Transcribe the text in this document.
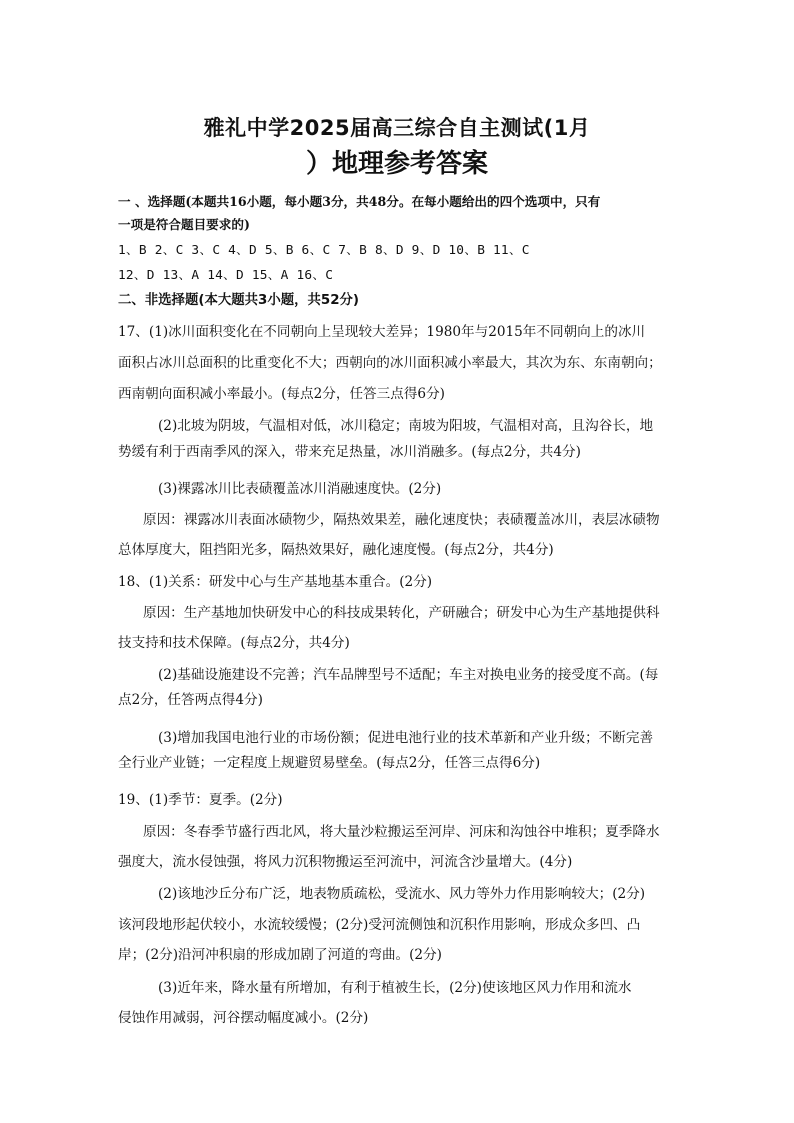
雅礼中学2025届高三综合自主测试(1月
）地理参考答案
一 、选择题(本题共16小题，每小题3分，共48分。在每小题给出的四个选项中，只有
一项是符合题目要求的)
1、B 2、C 3、C 4、D 5、B 6、C 7、B 8、D 9、D 10、B 11、C
12、D 13、A 14、D 15、A 16、C
二、非选择题(本大题共3小题，共52分)
17、(1)冰川面积变化在不同朝向上呈现较大差异；1980年与2015年不同朝向上的冰川
面积占冰川总面积的比重变化不大；西朝向的冰川面积减小率最大，其次为东、东南朝向；
西南朝向面积减小率最小。(每点2分，任答三点得6分)
(2)北坡为阴坡，气温相对低，冰川稳定；南坡为阳坡，气温相对高，且沟谷长，地
势缓有利于西南季风的深入，带来充足热量，冰川消融多。(每点2分，共4分)
(3)裸露冰川比表碛覆盖冰川消融速度快。(2分)
原因：裸露冰川表面冰碛物少，隔热效果差，融化速度快；表碛覆盖冰川，表层冰碛物
总体厚度大，阻挡阳光多，隔热效果好，融化速度慢。(每点2分，共4分)
18、(1)关系：研发中心与生产基地基本重合。(2分)
原因：生产基地加快研发中心的科技成果转化，产研融合；研发中心为生产基地提供科
技支持和技术保障。(每点2分，共4分)
(2)基础设施建设不完善；汽车品牌型号不适配；车主对换电业务的接受度不高。(每
点2分，任答两点得4分)
(3)增加我国电池行业的市场份额；促进电池行业的技术革新和产业升级；不断完善
全行业产业链；一定程度上规避贸易壁垒。(每点2分，任答三点得6分)
19、(1)季节：夏季。(2分)
原因：冬春季节盛行西北风，将大量沙粒搬运至河岸、河床和沟蚀谷中堆积；夏季降水
强度大，流水侵蚀强，将风力沉积物搬运至河流中，河流含沙量增大。(4分)
(2)该地沙丘分布广泛，地表物质疏松，受流水、风力等外力作用影响较大；(2分)
该河段地形起伏较小，水流较缓慢；(2分)受河流侧蚀和沉积作用影响，形成众多凹、凸
岸；(2分)沿河冲积扇的形成加剧了河道的弯曲。(2分)
(3)近年来，降水量有所增加，有利于植被生长，(2分)使该地区风力作用和流水
侵蚀作用减弱，河谷摆动幅度减小。(2分)
